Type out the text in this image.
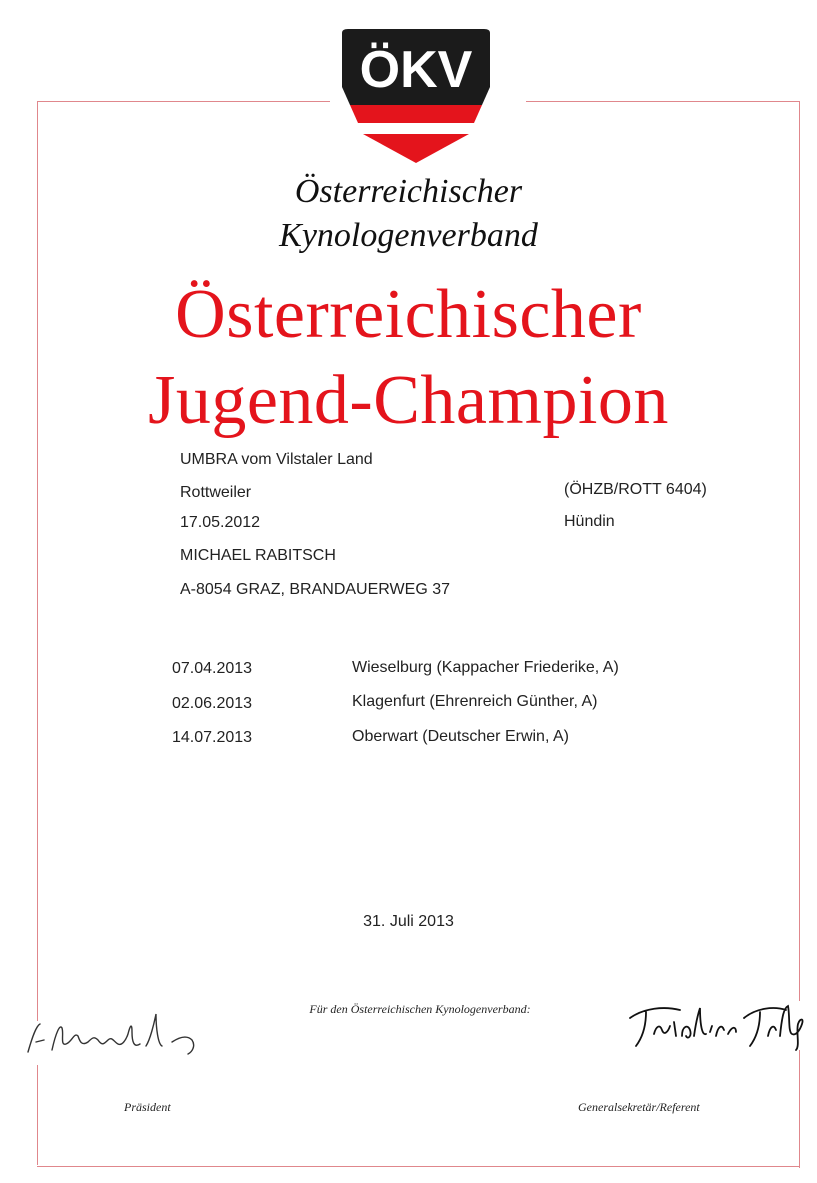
ÖKV
Österreichischer
Kynologenverband
Österreichischer
Jugend-Champion
UMBRA vom Vilstaler Land
Rottweiler	(ÖHZB/ROTT 6404)
17.05.2012	Hündin
MICHAEL RABITSCH
A-8054 GRAZ, BRANDAUERWEG 37
07.04.2013	Wieselburg (Kappacher Friederike, A)
02.06.2013	Klagenfurt (Ehrenreich Günther, A)
14.07.2013	Oberwart (Deutscher Erwin, A)
31. Juli 2013
Für den Österreichischen Kynologenverband:
Präsident	Generalsekretär/Referent
